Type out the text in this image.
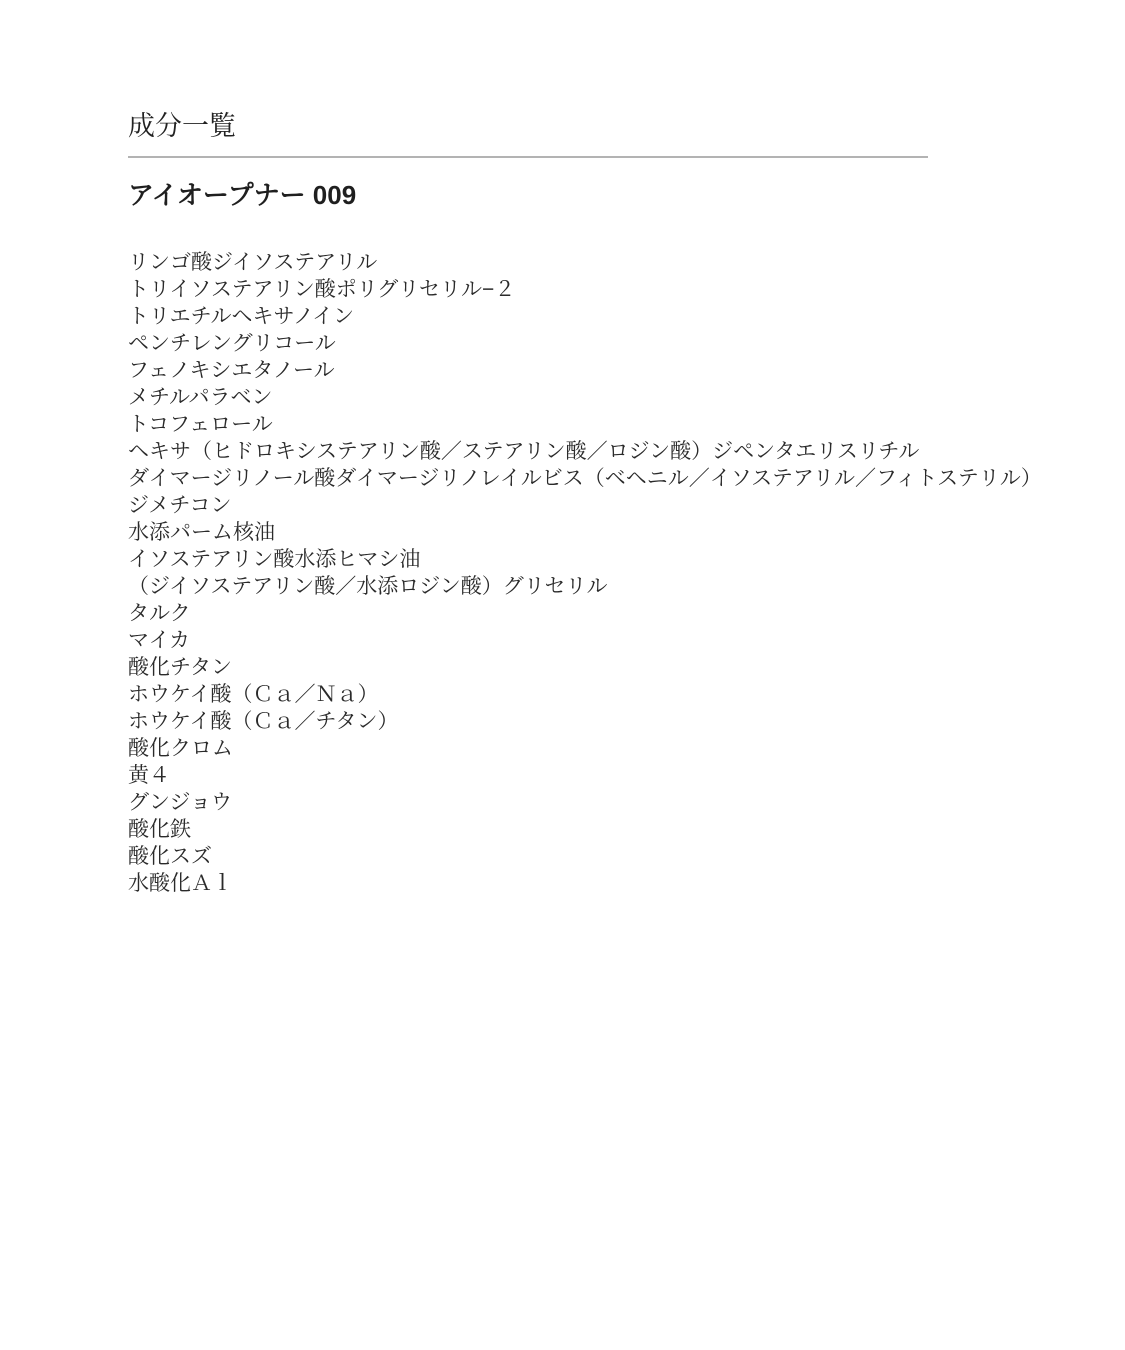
成分一覧
アイオープナー 009

リンゴ酸ジイソステアリル

トリイソステアリン酸ポリグリセリル−２

トリエチルヘキサノイン

ペンチレングリコール

フェノキシエタノール

メチルパラベン

トコフェロール

ヘキサ（ヒドロキシステアリン酸／ステアリン酸／ロジン酸）ジペンタエリスリチル

ダイマージリノール酸ダイマージリノレイルビス（ベヘニル／イソステアリル／フィトステリル）

ジメチコン

水添パーム核油

イソステアリン酸水添ヒマシ油

（ジイソステアリン酸／水添ロジン酸）グリセリル

タルク

マイカ

酸化チタン

ホウケイ酸（Ｃａ／Ｎａ）

ホウケイ酸（Ｃａ／チタン）

酸化クロム

黄４

グンジョウ

酸化鉄

酸化スズ

水酸化Ａｌ
